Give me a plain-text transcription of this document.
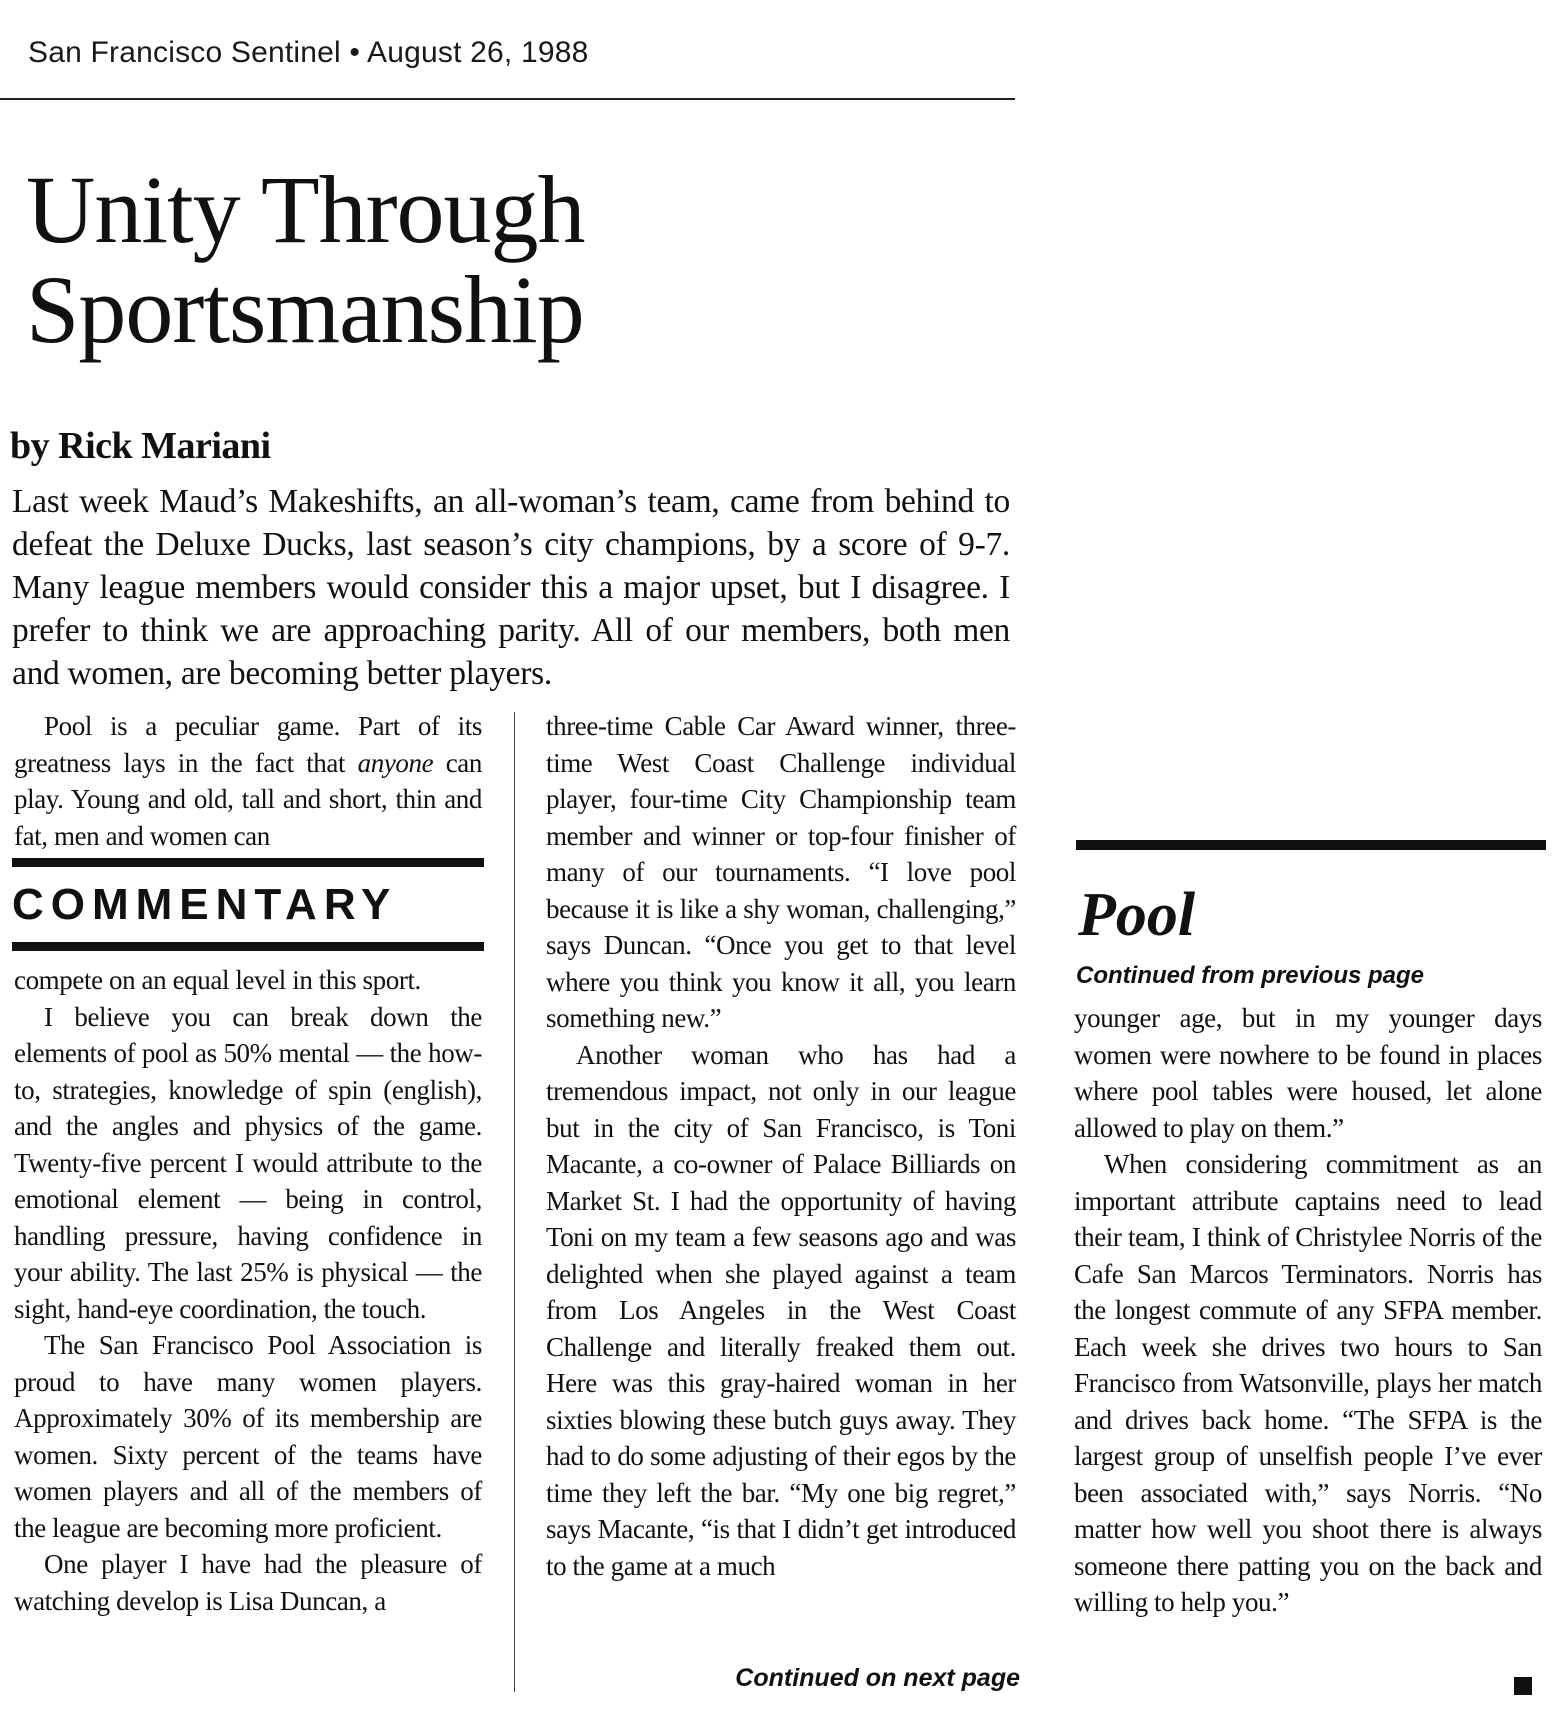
San Francisco Sentinel • August 26, 1988
Unity Through
Sportsmanship
by Rick Mariani

Last week Maud’s Makeshifts, an all-woman’s team, came from behind to defeat the Deluxe Ducks, last season’s city champions, by a score of 9-7. Many league members would consider this a major upset, but I disagree. I prefer to think we are approaching parity. All of our members, both men and women, are becoming better players.

Pool is a peculiar game. Part of its greatness lays in the fact that anyone can play. Young and old, tall and short, thin and fat, men and women can

COMMENTARY

compete on an equal level in this sport.

I believe you can break down the elements of pool as 50% mental — the how-to, strategies, knowledge of spin (english), and the angles and physics of the game. Twenty-five percent I would attribute to the emotional element — being in control, handling pressure, having confidence in your ability. The last 25% is physical — the sight, hand-eye coordination, the touch.

The San Francisco Pool Association is proud to have many women players. Approximately 30% of its membership are women. Sixty percent of the teams have women players and all of the members of the league are becoming more proficient.

One player I have had the pleasure of watching develop is Lisa Duncan, a

three-time Cable Car Award winner, three-time West Coast Challenge individual player, four-time City Championship team member and winner or top-four finisher of many of our tournaments. “I love pool because it is like a shy woman, challenging,” says Duncan. “Once you get to that level where you think you know it all, you learn something new.”

Another woman who has had a tremendous impact, not only in our league but in the city of San Francisco, is Toni Macante, a co-owner of Palace Billiards on Market St. I had the opportunity of having Toni on my team a few seasons ago and was delighted when she played against a team from Los Angeles in the West Coast Challenge and literally freaked them out. Here was this gray-haired woman in her sixties blowing these butch guys away. They had to do some adjusting of their egos by the time they left the bar. “My one big regret,” says Macante, “is that I didn’t get introduced to the game at a much

Continued on next page
Pool
Continued from previous page

younger age, but in my younger days women were nowhere to be found in places where pool tables were housed, let alone allowed to play on them.”

When considering commitment as an important attribute captains need to lead their team, I think of Christylee Norris of the Cafe San Marcos Terminators. Norris has the longest commute of any SFPA member. Each week she drives two hours to San Francisco from Watsonville, plays her match and drives back home. “The SFPA is the largest group of unselfish people I’ve ever been associated with,” says Norris. “No matter how well you shoot there is always someone there patting you on the back and willing to help you.”
